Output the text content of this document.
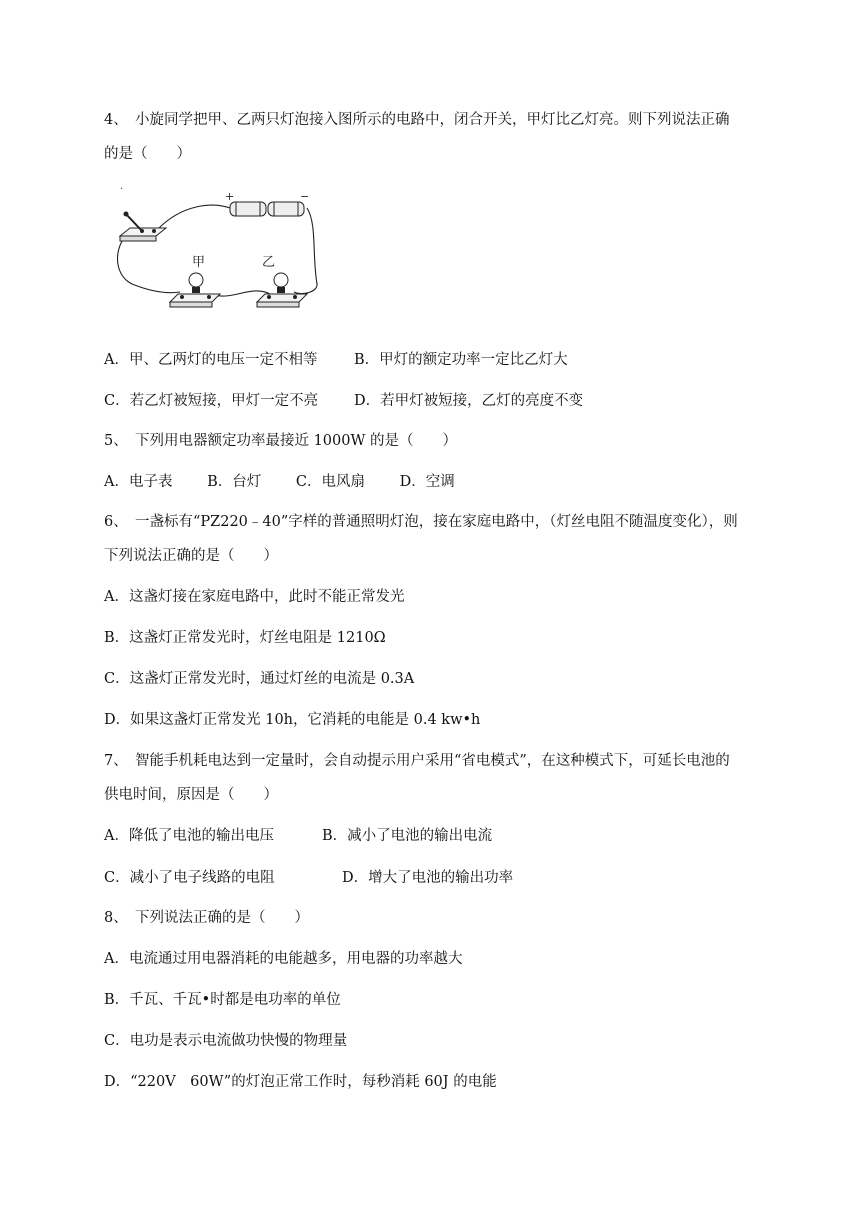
4、　小旋同学把甲、乙两只灯泡接入图所示的电路中，闭合开关，甲灯比乙灯亮。则下列说法正确
的是（　　）
·
+	−
甲	乙
A．甲、乙两灯的电压一定不相等	B．甲灯的额定功率一定比乙灯大
C．若乙灯被短接，甲灯一定不亮 D．若甲灯被短接，乙灯的亮度不变
5、　下列用电器额定功率最接近 1000W 的是（　　）
A．电子表 B．台灯 C．电风扇 D．空调
6、　一盏标有“PZ220﹣40”字样的普通照明灯泡，接在家庭电路中，（灯丝电阻不随温度变化），则
下列说法正确的是（　　）
A．这盏灯接在家庭电路中，此时不能正常发光
B．这盏灯正常发光时，灯丝电阻是 1210Ω
C．这盏灯正常发光时，通过灯丝的电流是 0.3A
D．如果这盏灯正常发光 10h，它消耗的电能是 0.4 kw•h
7、　智能手机耗电达到一定量时，会自动提示用户采用“省电模式”，在这种模式下，可延长电池的
供电时间，原因是（　　）
A．降低了电池的输出电压	B．减小了电池的输出电流
C．减小了电子线路的电阻	D．增大了电池的输出功率
8、　下列说法正确的是（　　）
A．电流通过用电器消耗的电能越多，用电器的功率越大
B．千瓦、千瓦•时都是电功率的单位
C．电功是表示电流做功快慢的物理量
D．“220V　60W”的灯泡正常工作时，每秒消耗 60J 的电能
